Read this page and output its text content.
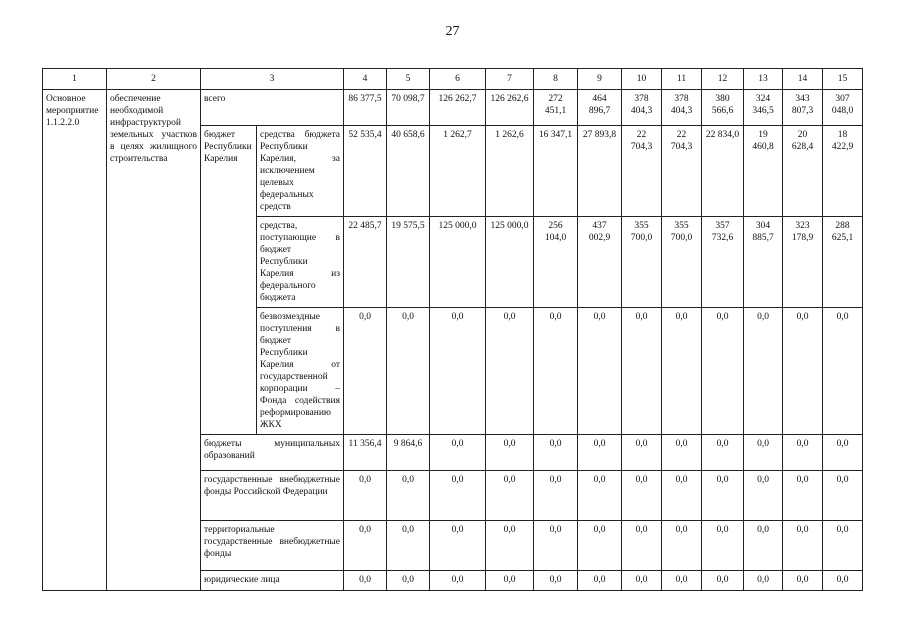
27
1	2	3		4	5	6	7	8	9	10	11	12	13	14	15
Основное мероприятие 1.1.2.2.0	обеспечение необходимой инфраструктурой земельных участков в целях жилищного строительства	всего		86 377,5	70 098,7	126 262,7	126 262,6	272 451,1	464 896,7	378 404,3	378 404,3	380 566,6	324 346,5	343 807,3	307 048,0
		бюджет Республики Карелия	средства бюджета Республики Карелия, за исключением целевых федеральных средств	52 535,4	40 658,6	1 262,7	1 262,6	16 347,1	27 893,8	22 704,3	22 704,3	22 834,0	19 460,8	20 628,4	18 422,9
			средства, поступающие в бюджет Республики Карелия из федерального бюджета	22 485,7	19 575,5	125 000,0	125 000,0	256 104,0	437 002,9	355 700,0	355 700,0	357 732,6	304 885,7	323 178,9	288 625,1
			безвозмездные поступления в бюджет Республики Карелия от государственной корпорации – Фонда содействия реформированию ЖКХ	0,0	0,0	0,0	0,0	0,0	0,0	0,0	0,0	0,0	0,0	0,0	0,0
		бюджеты муниципальных образований		11 356,4	9 864,6	0,0	0,0	0,0	0,0	0,0	0,0	0,0	0,0	0,0	0,0
		государственные внебюджетные фонды Российской Федерации		0,0	0,0	0,0	0,0	0,0	0,0	0,0	0,0	0,0	0,0	0,0	0,0
		территориальные государственные внебюджетные фонды		0,0	0,0	0,0	0,0	0,0	0,0	0,0	0,0	0,0	0,0	0,0	0,0
		юридические лица		0,0	0,0	0,0	0,0	0,0	0,0	0,0	0,0	0,0	0,0	0,0	0,0
